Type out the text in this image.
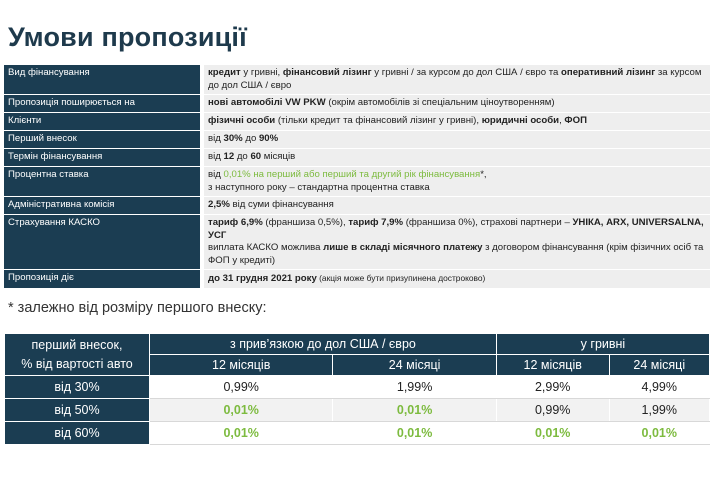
Умови пропозиції
Вид фінансування	кредит у гривні, фінансовий лізинг у гривні / за курсом до дол США / євро та оперативний лізинг за курсом до дол США / євро
Пропозиція поширюється на	нові автомобілі VW PKW (окрім автомобілів зі спеціальним ціноутворенням)
Клієнти	фізичні особи (тільки кредит та фінансовий лізинг у гривні), юридичні особи, ФОП
Перший внесок	від 30% до 90%
Термін фінансування	від 12 до 60 місяців
Процентна ставка	від 0,01% на перший або перший та другий рік фінансування*,
з наступного року – стандартна процентна ставка
Адміністративна комісія	2,5% від суми фінансування
Страхування КАСКО	тариф 6,9% (франшиза 0,5%), тариф 7,9% (франшиза 0%), страхові партнери – УНІКА, ARX, UNIVERSALNA, УСГ
виплата КАСКО можлива лише в складі місячного платежу з договором фінансування (крім фізичних осіб та ФОП у кредиті)
Пропозиція діє	до 31 грудня 2021 року (акція може бути призупинена достроково)
* залежно від розміру першого внеску:
перший внесок,
% від вартості авто	з прив’язкою до дол США / євро		у гривні	
	12 місяців	24 місяці	12 місяців	24 місяці
від 30%	0,99%	1,99%	2,99%	4,99%
від 50%	0,01%	0,01%	0,99%	1,99%
від 60%	0,01%	0,01%	0,01%	0,01%
